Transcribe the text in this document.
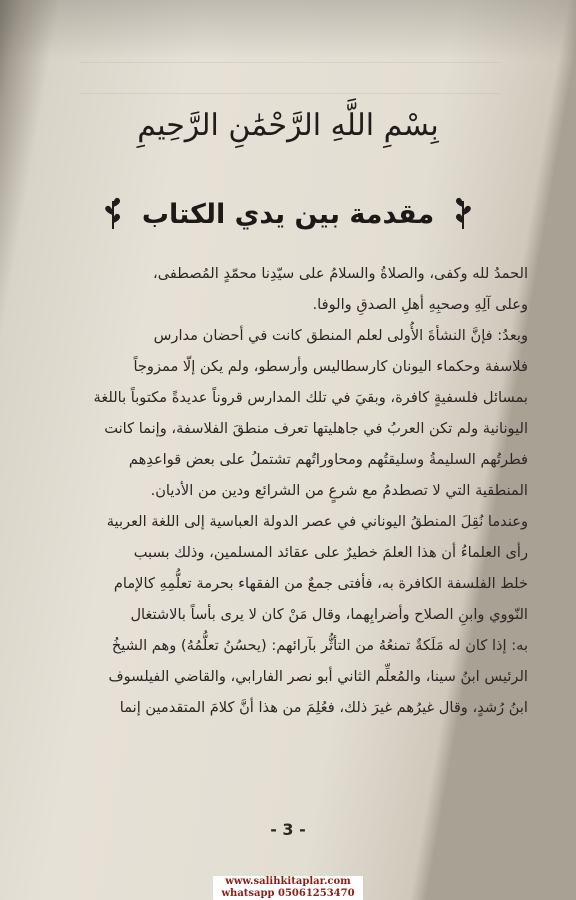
بِسْمِ اللَّهِ الرَّحْمَٰنِ الرَّحِيمِ
مقدمة بين يدي الكتاب
الحمدُ لله وكفى، والصلاةُ والسلامُ على سيّدِنا محمّدٍ المُصطفى،
وعلى آلِهِ وصحبِهِ أهلِ الصدقِ والوفا.
وبعدُ: فإنَّ النشأةَ الأُولى لعلم المنطق كانت في أحضان مدارس
فلاسفة وحكماء اليونان كارسطاليس وأرسطو، ولم يكن إلّا ممزوجاً
بمسائل فلسفيةٍ كافرة، وبقيَ في تلك المدارس قروناً عديدةً مكتوباً باللغة
اليونانية ولم تكن العربُ في جاهليتها تعرف منطقَ الفلاسفة، وإنما كانت
فطرتُهم السليمةُ وسليقتُهم ومحاوراتُهم تشتملُ على بعض قواعدِهم
المنطقية التي لا تصطدمُ مع شرعٍ من الشرائع ودين من الأديان.
وعندما نُقِلَ المنطقُ اليوناني في عصر الدولة العباسية إلى اللغة العربية
رأى العلماءُ أن هذا العلمَ خطيرٌ على عقائد المسلمين، وذلك بسبب
خلط الفلسفة الكافرة به، فأفتى جمعٌ من الفقهاء بحرمة تعلُّمِهِ كالإمام
النّووي وابنِ الصلاح وأضرابِهما، وقال مَنْ كان لا يرى بأساً بالاشتغال
به: إذا كان له مَلَكةٌ تمنعُهُ من التأثُّر بآرائهم: (يحسُنُ تعلُّمُهُ) وهم الشيخُ
الرئيس ابنُ سينا، والمُعلِّم الثاني أبو نصر الفارابي، والقاضي الفيلسوف
ابنُ رُشدٍ، وقال غيرُهم غيرَ ذلك، فعُلِمَ من هذا أنَّ كلامَ المتقدمين إنما
- 3 -
www.salihkitaplar.com
whatsapp 05061253470
